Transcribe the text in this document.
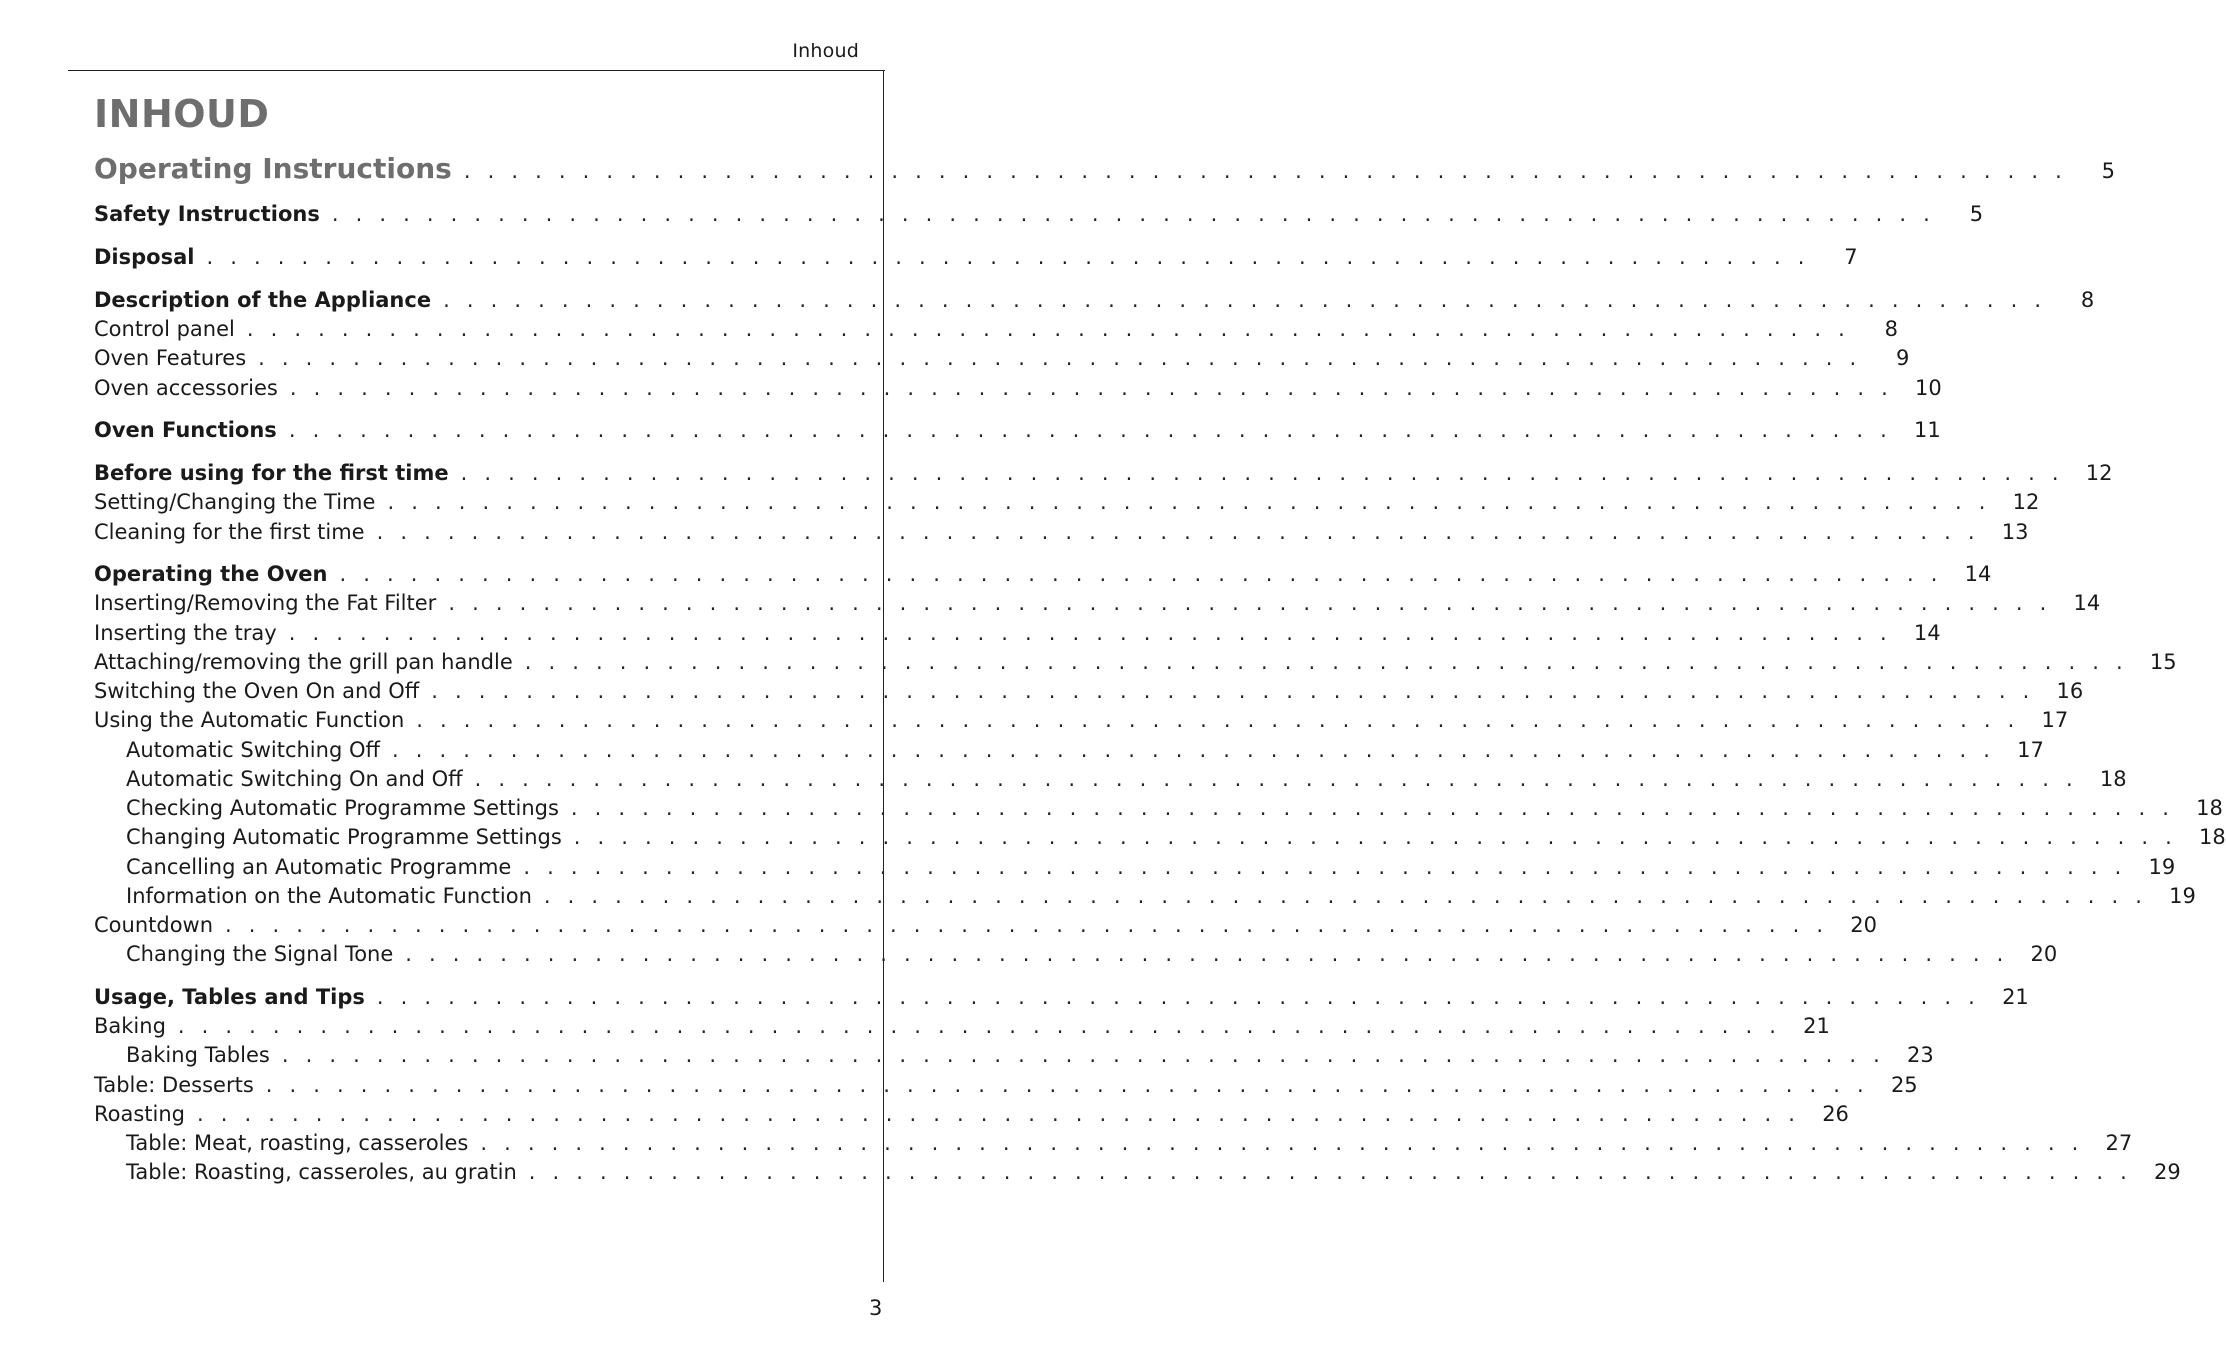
Inhoud
INHOUD
Operating Instructions . . . . . . . . . . . . . . . . . . . . . . . . . . . . . . . . . . . . . . . . . . . . . . . . . . . . . . . . . . . . . . . . . . . .	5
Safety Instructions . . . . . . . . . . . . . . . . . . . . . . . . . . . . . . . . . . . . . . . . . . . . . . . . . . . . . . . . . . . . . . . . . . . .	5
Disposal . . . . . . . . . . . . . . . . . . . . . . . . . . . . . . . . . . . . . . . . . . . . . . . . . . . . . . . . . . . . . . . . . . . .	7
Description of the Appliance . . . . . . . . . . . . . . . . . . . . . . . . . . . . . . . . . . . . . . . . . . . . . . . . . . . . . . . . . . . . . . . . . . . .	8
Control panel . . . . . . . . . . . . . . . . . . . . . . . . . . . . . . . . . . . . . . . . . . . . . . . . . . . . . . . . . . . . . . . . . . . .	8
Oven Features . . . . . . . . . . . . . . . . . . . . . . . . . . . . . . . . . . . . . . . . . . . . . . . . . . . . . . . . . . . . . . . . . . . .	9
Oven accessories . . . . . . . . . . . . . . . . . . . . . . . . . . . . . . . . . . . . . . . . . . . . . . . . . . . . . . . . . . . . . . . . . . . . 10
Oven Functions . . . . . . . . . . . . . . . . . . . . . . . . . . . . . . . . . . . . . . . . . . . . . . . . . . . . . . . . . . . . . . . . . . . . 11
Before using for the first time . . . . . . . . . . . . . . . . . . . . . . . . . . . . . . . . . . . . . . . . . . . . . . . . . . . . . . . . . . . . . . . . . . . . 12
Setting/Changing the Time . . . . . . . . . . . . . . . . . . . . . . . . . . . . . . . . . . . . . . . . . . . . . . . . . . . . . . . . . . . . . . . . . . . . 12
Cleaning for the first time . . . . . . . . . . . . . . . . . . . . . . . . . . . . . . . . . . . . . . . . . . . . . . . . . . . . . . . . . . . . . . . . . . . . 13
Operating the Oven . . . . . . . . . . . . . . . . . . . . . . . . . . . . . . . . . . . . . . . . . . . . . . . . . . . . . . . . . . . . . . . . . . . . 14
Inserting/Removing the Fat Filter . . . . . . . . . . . . . . . . . . . . . . . . . . . . . . . . . . . . . . . . . . . . . . . . . . . . . . . . . . . . . . . . . . . . 14
Inserting the tray . . . . . . . . . . . . . . . . . . . . . . . . . . . . . . . . . . . . . . . . . . . . . . . . . . . . . . . . . . . . . . . . . . . . 14
Attaching/removing the grill pan handle . . . . . . . . . . . . . . . . . . . . . . . . . . . . . . . . . . . . . . . . . . . . . . . . . . . . . . . . . . . . . . . . . . . . 15
Switching the Oven On and Off . . . . . . . . . . . . . . . . . . . . . . . . . . . . . . . . . . . . . . . . . . . . . . . . . . . . . . . . . . . . . . . . . . . . 16
Using the Automatic Function . . . . . . . . . . . . . . . . . . . . . . . . . . . . . . . . . . . . . . . . . . . . . . . . . . . . . . . . . . . . . . . . . . . . 17
Automatic Switching Off . . . . . . . . . . . . . . . . . . . . . . . . . . . . . . . . . . . . . . . . . . . . . . . . . . . . . . . . . . . . . . . . . . . . 17
Automatic Switching On and Off . . . . . . . . . . . . . . . . . . . . . . . . . . . . . . . . . . . . . . . . . . . . . . . . . . . . . . . . . . . . . . . . . . . . 18
Checking Automatic Programme Settings . . . . . . . . . . . . . . . . . . . . . . . . . . . . . . . . . . . . . . . . . . . . . . . . . . . . . . . . . . . . . . . . . . . . 18
Changing Automatic Programme Settings . . . . . . . . . . . . . . . . . . . . . . . . . . . . . . . . . . . . . . . . . . . . . . . . . . . . . . . . . . . . . . . . . . . . 18
Cancelling an Automatic Programme . . . . . . . . . . . . . . . . . . . . . . . . . . . . . . . . . . . . . . . . . . . . . . . . . . . . . . . . . . . . . . . . . . . . 19
Information on the Automatic Function . . . . . . . . . . . . . . . . . . . . . . . . . . . . . . . . . . . . . . . . . . . . . . . . . . . . . . . . . . . . . . . . . . . . 19
Countdown . . . . . . . . . . . . . . . . . . . . . . . . . . . . . . . . . . . . . . . . . . . . . . . . . . . . . . . . . . . . . . . . . . . . 20
Changing the Signal Tone . . . . . . . . . . . . . . . . . . . . . . . . . . . . . . . . . . . . . . . . . . . . . . . . . . . . . . . . . . . . . . . . . . . . 20
Usage, Tables and Tips . . . . . . . . . . . . . . . . . . . . . . . . . . . . . . . . . . . . . . . . . . . . . . . . . . . . . . . . . . . . . . . . . . . . 21
Baking . . . . . . . . . . . . . . . . . . . . . . . . . . . . . . . . . . . . . . . . . . . . . . . . . . . . . . . . . . . . . . . . . . . . 21
Baking Tables . . . . . . . . . . . . . . . . . . . . . . . . . . . . . . . . . . . . . . . . . . . . . . . . . . . . . . . . . . . . . . . . . . . . 23
Table: Desserts . . . . . . . . . . . . . . . . . . . . . . . . . . . . . . . . . . . . . . . . . . . . . . . . . . . . . . . . . . . . . . . . . . . . 25
Roasting . . . . . . . . . . . . . . . . . . . . . . . . . . . . . . . . . . . . . . . . . . . . . . . . . . . . . . . . . . . . . . . . . . . . 26
Table: Meat, roasting, casseroles . . . . . . . . . . . . . . . . . . . . . . . . . . . . . . . . . . . . . . . . . . . . . . . . . . . . . . . . . . . . . . . . . . . . 27
Table: Roasting, casseroles, au gratin . . . . . . . . . . . . . . . . . . . . . . . . . . . . . . . . . . . . . . . . . . . . . . . . . . . . . . . . . . . . . . . . . . . . 29
3
